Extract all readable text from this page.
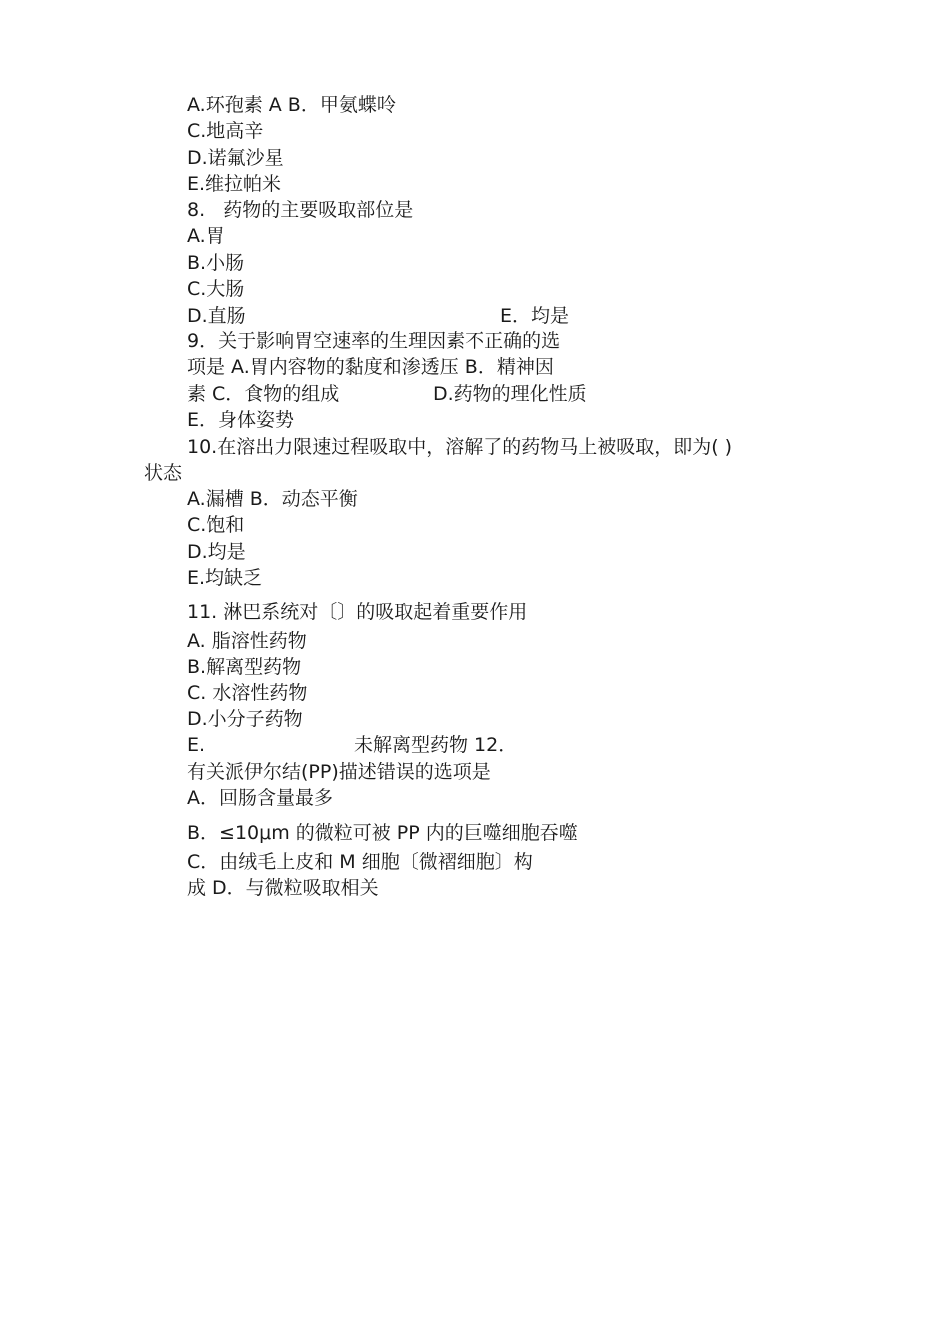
A.环孢素 A B．甲氨蝶呤
C.地高辛
D.诺氟沙星
E.维拉帕米
8.   药物的主要吸取部位是
A.胃
B.小肠
C.大肠
D.直肠	E．均是
9．关于影响胃空速率的生理因素不正确的选
项是 A.胃内容物的黏度和渗透压 B．精神因
素 C．食物的组成	D.药物的理化性质
E．身体姿势
10.在溶出力限速过程吸取中，溶解了的药物马上被吸取，即为( )
状态
A.漏槽 B．动态平衡
C.饱和
D.均是
E.均缺乏
11. 淋巴系统对〔〕的吸取起着重要作用
A. 脂溶性药物
B.解离型药物
C. 水溶性药物
D.小分子药物
E.	未解离型药物 12．
有关派伊尔结(PP)描述错误的选项是
A．回肠含量最多
B．≤10μm 的微粒可被 PP 内的巨噬细胞吞噬
C．由绒毛上皮和 M 细胞〔微褶细胞〕构
成 D．与微粒吸取相关
